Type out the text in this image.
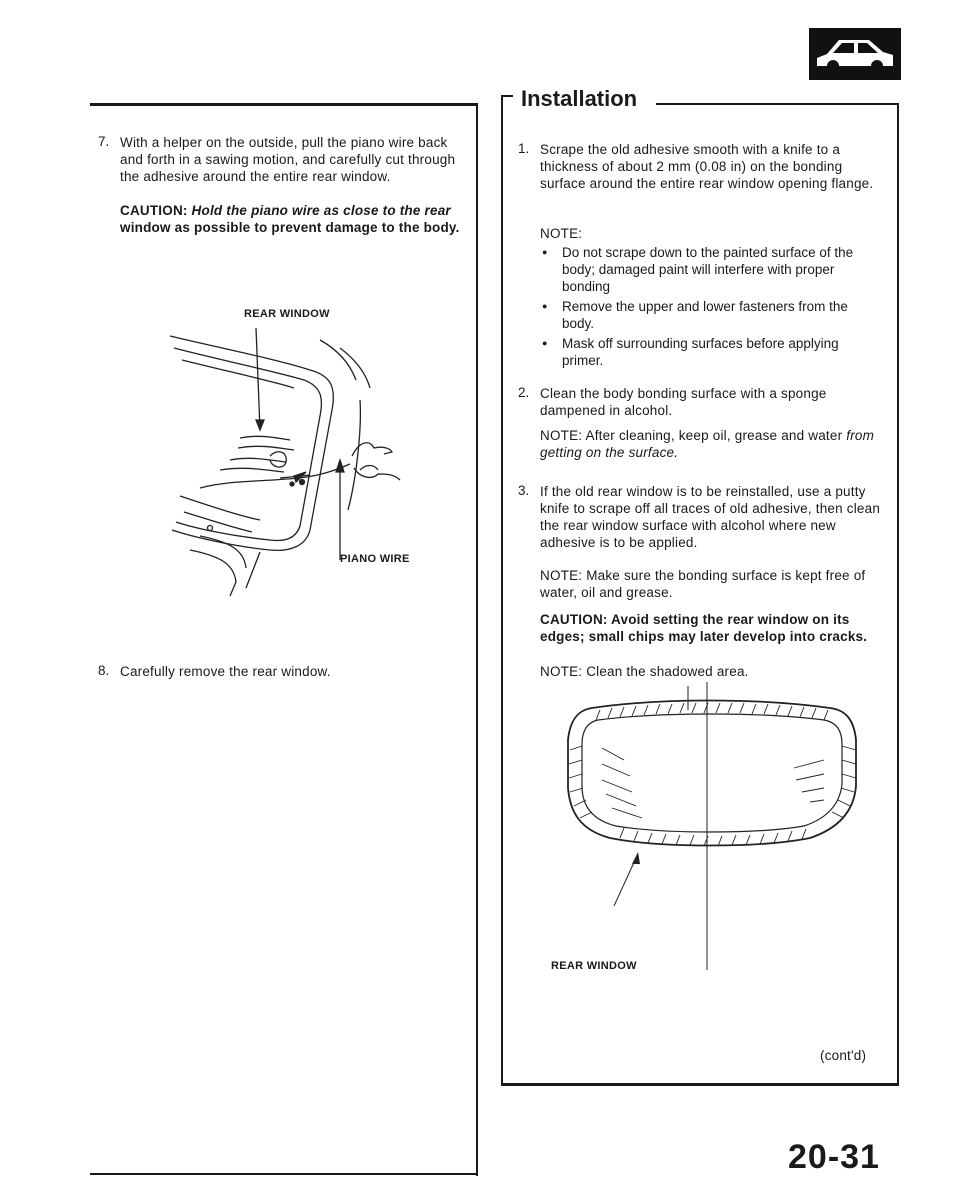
Installation
7. With a helper on the outside, pull the piano wire back and forth in a sawing motion, and carefully cut through the adhesive around the entire rear window.

CAUTION: Hold the piano wire as close to the rear window as possible to prevent damage to the body.

REAR WINDOW
PIANO WIRE
8. Carefully remove the rear window.

1. Scrape the old adhesive smooth with a knife to a thickness of about 2 mm (0.08 in) on the bonding surface around the entire rear window opening flange.

NOTE:

● Do not scrape down to the painted surface of the body; damaged paint will interfere with proper bonding
● Remove the upper and lower fasteners from the body.
● Mask off surrounding surfaces before applying primer.
2. Clean the body bonding surface with a sponge dampened in alcohol.

NOTE: After cleaning, keep oil, grease and water from getting on the surface.

3. If the old rear window is to be reinstalled, use a putty knife to scrape off all traces of old adhesive, then clean the rear window surface with alcohol where new adhesive is to be applied.

NOTE: Make sure the bonding surface is kept free of water, oil and grease.

CAUTION: Avoid setting the rear window on its edges; small chips may later develop into cracks.

NOTE: Clean the shadowed area.

REAR WINDOW
(cont'd)
20-31
